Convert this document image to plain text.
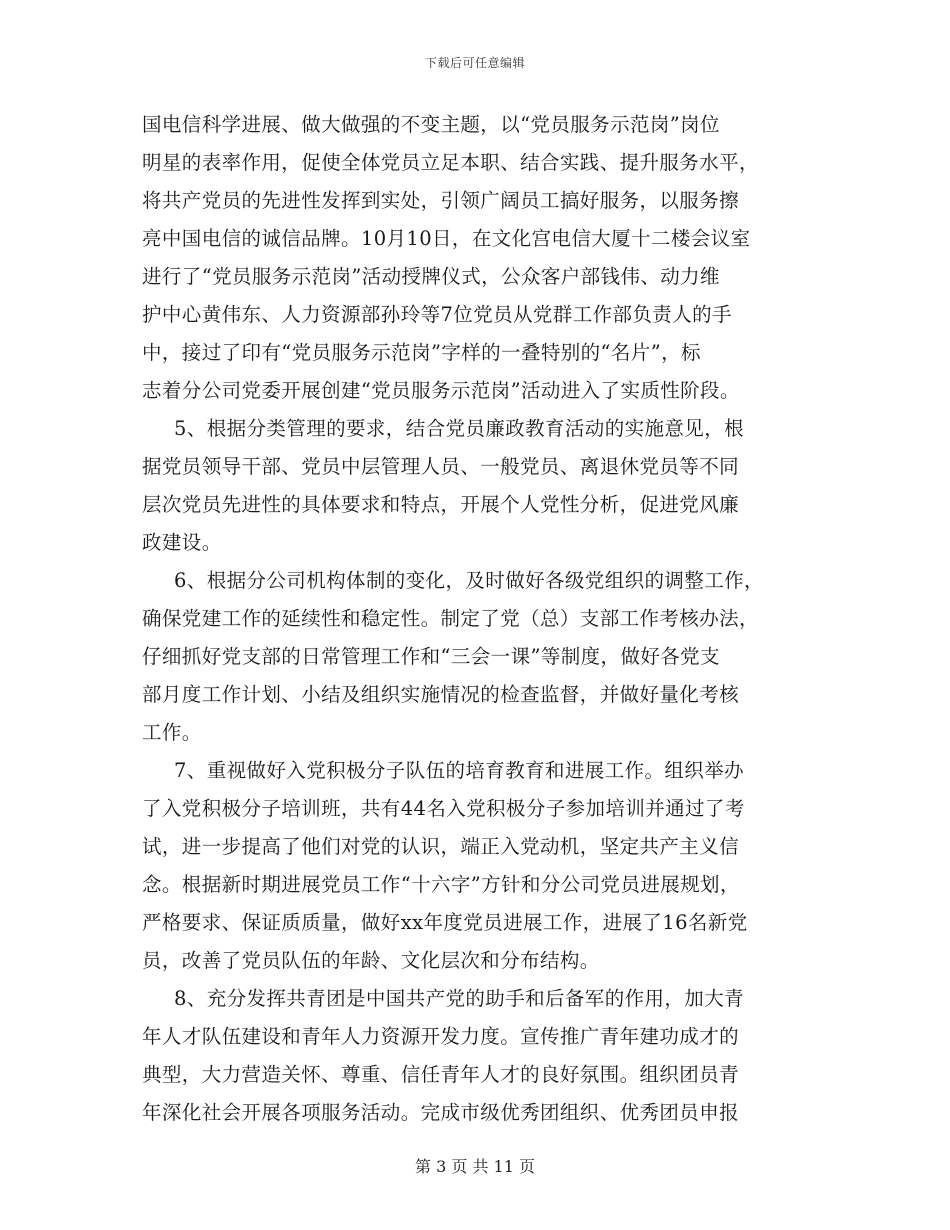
下载后可任意编辑
国电信科学进展、做大做强的不变主题，以“党员服务示范岗”岗位
明星的表率作用，促使全体党员立足本职、结合实践、提升服务水平，
将共产党员的先进性发挥到实处，引领广阔员工搞好服务，以服务擦
亮中国电信的诚信品牌。10月10日，在文化宫电信大厦十二楼会议室
进行了“党员服务示范岗”活动授牌仪式，公众客户部钱伟、动力维
护中心黄伟东、人力资源部孙玲等7位党员从党群工作部负责人的手
中，接过了印有“党员服务示范岗”字样的一叠特别的“名片”，标
志着分公司党委开展创建“党员服务示范岗”活动进入了实质性阶段。
5、根据分类管理的要求，结合党员廉政教育活动的实施意见，根
据党员领导干部、党员中层管理人员、一般党员、离退休党员等不同
层次党员先进性的具体要求和特点，开展个人党性分析，促进党风廉
政建设。
6、根据分公司机构体制的变化，及时做好各级党组织的调整工作，
确保党建工作的延续性和稳定性。制定了党（总）支部工作考核办法，
仔细抓好党支部的日常管理工作和“三会一课”等制度，做好各党支
部月度工作计划、小结及组织实施情况的检查监督，并做好量化考核
工作。
7、重视做好入党积极分子队伍的培育教育和进展工作。组织举办
了入党积极分子培训班，共有44名入党积极分子参加培训并通过了考
试，进一步提高了他们对党的认识，端正入党动机，坚定共产主义信
念。根据新时期进展党员工作“十六字”方针和分公司党员进展规划，
严格要求、保证质质量，做好xx年度党员进展工作，进展了16名新党
员，改善了党员队伍的年龄、文化层次和分布结构。
8、充分发挥共青团是中国共产党的助手和后备军的作用，加大青
年人才队伍建设和青年人力资源开发力度。宣传推广青年建功成才的
典型，大力营造关怀、尊重、信任青年人才的良好氛围。组织团员青
年深化社会开展各项服务活动。完成市级优秀团组织、优秀团员申报
第 3 页 共 11 页
